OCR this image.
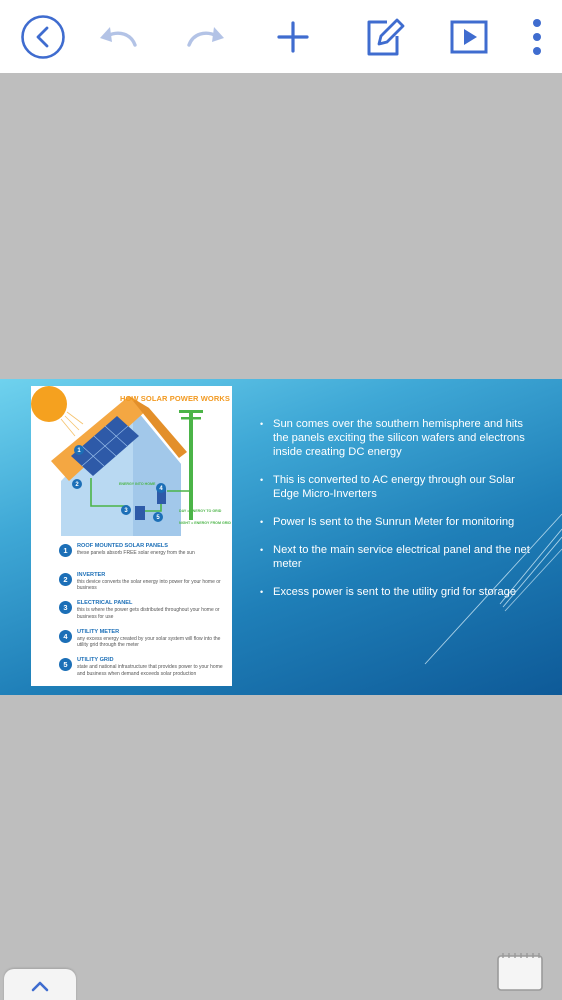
1
2
3
4
5
ENERGY INTO HOME
DAY = ENERGY TO GRID
NIGHT = ENERGY FROM GRID
HOW SOLAR POWER WORKS
1	ROOF MOUNTED SOLAR PANELS
these panels absorb FREE solar energy from the sun
2	INVERTER
this device converts the solar energy into power for your home or business
3	ELECTRICAL PANEL
this is where the power gets distributed throughout your home or business for use
4	UTILITY METER
any excess energy created by your solar system will flow into the utility grid through the meter
5	UTILITY GRID
state and national infrastructure that provides power to your home and business when demand exceeds solar production
• Sun comes over the southern hemisphere and hits the panels exciting the silicon wafers and electrons inside creating DC energy
• This is converted to AC energy through our Solar Edge Micro-Inverters
• Power Is sent to the Sunrun Meter for monitoring
• Next to the main service electrical panel and the net meter
• Excess power is sent to the utility grid for storage
